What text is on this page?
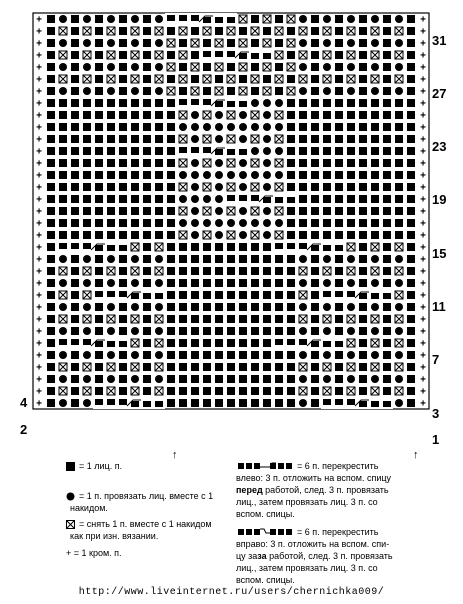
+	+
+	+
+	+
+	+
+	+
+	+
+	+
+	+
+	+
+	+
+	+
+	+
+	+
+	+
+	+
+	+
+	+
+	+
+	+
+	+
+	+
+	+
+	+
+	+
+	+
+	+
+	+
+	+
+	+
+	+
+	+
+	+
+	+
31
27
23
19
15
11
7
3
1
4
2
↑	↑
= 1 лиц. п.
= 1 п. провязать лиц. вместе с 1
накидом.
= снять 1 п. вместе с 1 накидом
как при изн. вязании.
+ = 1 кром. п.
= 6 п. перекрестить
влево: 3 п. отложить на вспом. спицу
перед работой, след. 3 п. провязать
лиц., затем провязать лиц. 3 п. со
вспом. спицы.
= 6 п. перекрестить
вправо: 3 п. отложить на вспом. спи-
цу заза работой, след. 3 п. провязать
лиц., затем провязать лиц. 3 п. со
вспом. спицы.
http://www.liveinternet.ru/users/chernichka009/
